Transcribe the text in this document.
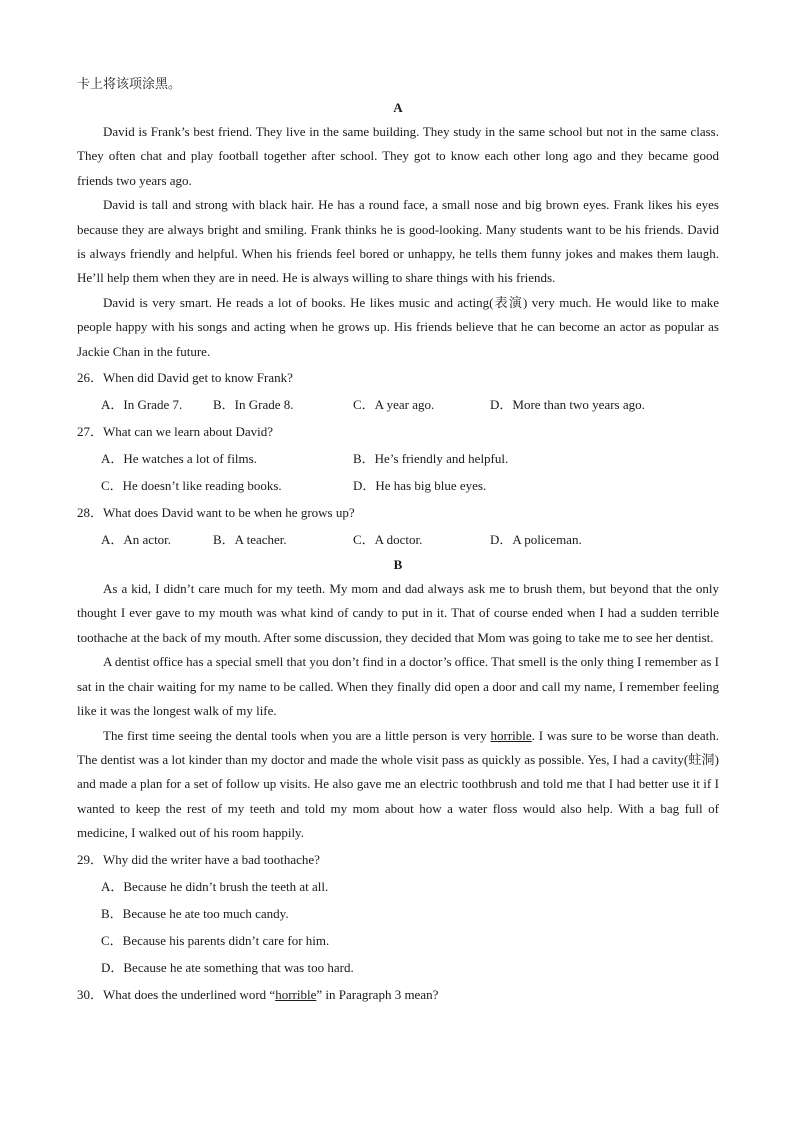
卡上将该项涂黑。

A

David is Frank’s best friend. They live in the same building. They study in the same school but not in the same class. They often chat and play football together after school. They got to know each other long ago and they became good friends two years ago.

David is tall and strong with black hair. He has a round face, a small nose and big brown eyes. Frank likes his eyes because they are always bright and smiling. Frank thinks he is good-looking. Many students want to be his friends. David is always friendly and helpful. When his friends feel bored or unhappy, he tells them funny jokes and makes them laugh. He’ll help them when they are in need. He is always willing to share things with his friends.

David is very smart. He reads a lot of books. He likes music and acting(表演) very much. He would like to make people happy with his songs and acting when he grows up. His friends believe that he can become an actor as popular as Jackie Chan in the future.

26．When did David get to know Frank?

A．In Grade 7. B．In Grade 8.	C．A year ago.	D．More than two years ago.

27．What can we learn about David?

A．He watches a lot of films.	B．He’s friendly and helpful.
C．He doesn’t like reading books.	D．He has big blue eyes.

28．What does David want to be when he grows up?

A．An actor.	B．A teacher.	C．A doctor.	D．A policeman.

B

As a kid, I didn’t care much for my teeth. My mom and dad always ask me to brush them, but beyond that the only thought I ever gave to my mouth was what kind of candy to put in it. That of course ended when I had a sudden terrible toothache at the back of my mouth. After some discussion, they decided that Mom was going to take me to see her dentist.

A dentist office has a special smell that you don’t find in a doctor’s office. That smell is the only thing I remember as I sat in the chair waiting for my name to be called. When they finally did open a door and call my name, I remember feeling like it was the longest walk of my life.

The first time seeing the dental tools when you are a little person is very horrible. I was sure to be worse than death. The dentist was a lot kinder than my doctor and made the whole visit pass as quickly as possible. Yes, I had a cavity(蛀洞) and made a plan for a set of follow up visits. He also gave me an electric toothbrush and told me that I had better use it if I wanted to keep the rest of my teeth and told my mom about how a water floss would also help. With a bag full of medicine, I walked out of his room happily.

29．Why did the writer have a bad toothache?

A．Because he didn’t brush the teeth at all.

B．Because he ate too much candy.

C．Because his parents didn’t care for him.

D．Because he ate something that was too hard.

30．What does the underlined word “horrible” in Paragraph 3 mean?
